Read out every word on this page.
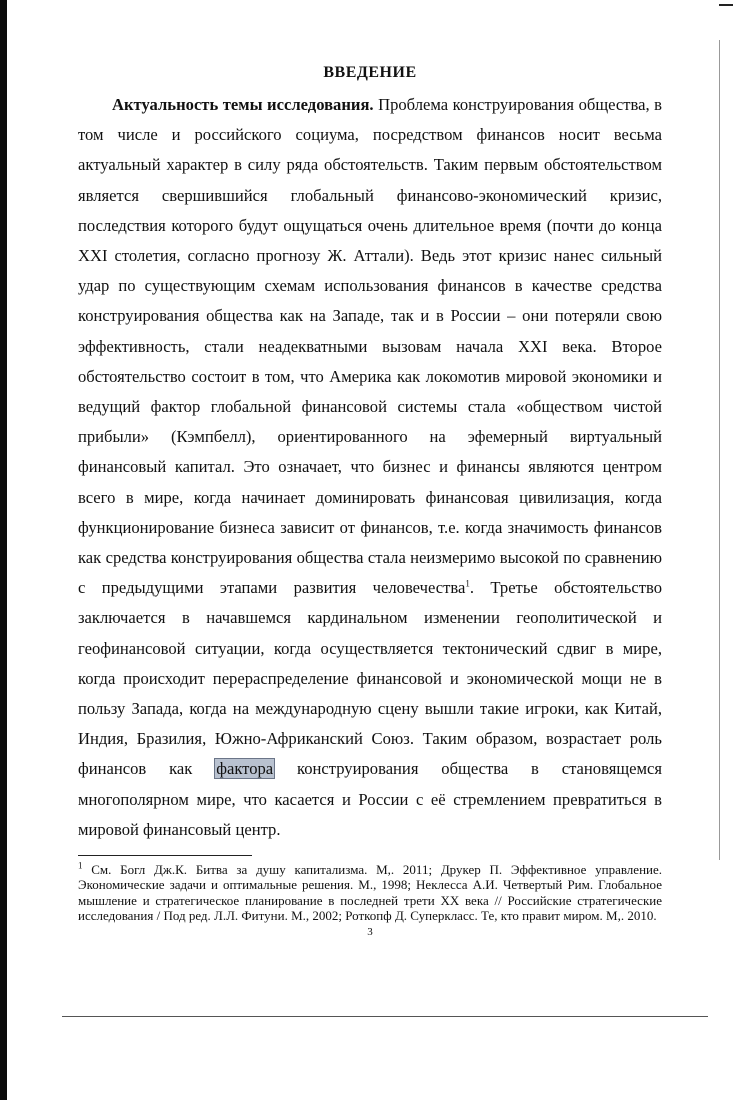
ВВЕДЕНИЕ

Актуальность темы исследования. Проблема конструирования общества, в том числе и российского социума, посредством финансов носит весьма актуальный характер в силу ряда обстоятельств. Таким первым обстоятельством является свершившийся глобальный финансово-экономический кризис, последствия которого будут ощущаться очень длительное время (почти до конца XXI столетия, согласно прогнозу Ж. Аттали). Ведь этот кризис нанес сильный удар по существующим схемам использования финансов в качестве средства конструирования общества как на Западе, так и в России – они потеряли свою эффективность, стали неадекватными вызовам начала XXI века. Второе обстоятельство состоит в том, что Америка как локомотив мировой экономики и ведущий фактор глобальной финансовой системы стала «обществом чистой прибыли» (Кэмпбелл), ориентированного на эфемерный виртуальный финансовый капитал. Это означает, что бизнес и финансы являются центром всего в мире, когда начинает доминировать финансовая цивилизация, когда функционирование бизнеса зависит от финансов, т.е. когда значимость финансов как средства конструирования общества стала неизмеримо высокой по сравнению с предыдущими этапами развития человечества$^1$. Третье обстоятельство заключается в начавшемся кардинальном изменении геополитической и геофинансовой ситуации, когда осуществляется тектонический сдвиг в мире, когда происходит перераспределение финансовой и экономической мощи не в пользу Запада, когда на международную сцену вышли такие игроки, как Китай, Индия, Бразилия, Южно-Африканский Союз. Таким образом, возрастает роль финансов как фактора конструирования общества в становящемся многополярном мире, что касается и России с её стремлением превратиться в мировой финансовый центр.

$^1$ См. Богл Дж.К. Битва за душу капитализма. М,. 2011; Друкер П. Эффективное управление. Экономические задачи и оптимальные решения. М., 1998; Неклесса А.И. Четвертый Рим. Глобальное мышление и стратегическое планирование в последней трети XX века // Российские стратегические исследования / Под ред. Л.Л. Фитуни. М., 2002; Роткопф Д. Суперкласс. Те, кто правит миром. М,. 2010.

3
